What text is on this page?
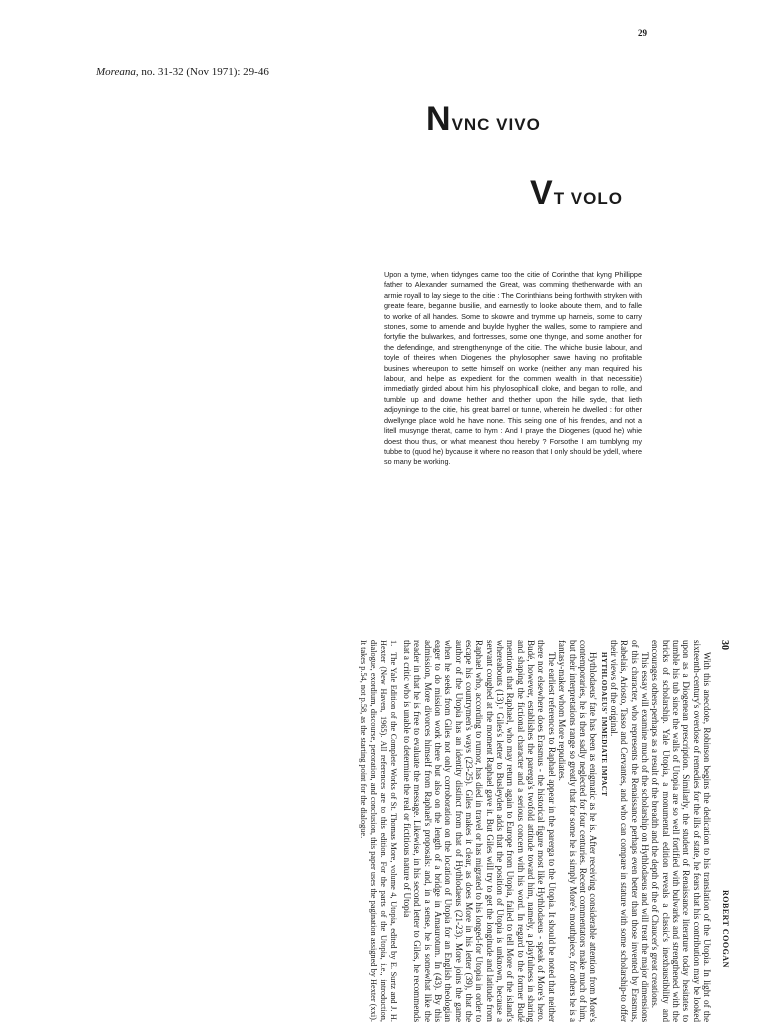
29
Moreana, no. 31-32 (Nov 1971): 29-46
NVNC VIVO
VT VOLO
Upon a tyme, when tidynges came too the citie of Corinthe that kyng Phillippe father to Alexander surnamed the Great, was comming thetherwarde with an armie royall to lay siege to the citie : The Corinthians being forthwith stryken with greate feare, beganne busilie, and earnestly to looke aboute them, and to falle to worke of all handes. Some to skowre and trymme up harneis, some to carry stones, some to amende and buylde hygher the walles, some to rampiere and fortyfie the bulwarkes, and fortresses, some one thynge, and some another for the defendinge, and strengthenynge of the citie. The whiche busie labour, and toyle of theires when Diogenes the phylosopher sawe having no profitable busines whereupon to sette himself on worke (neither any man required his labour, and helpe as expedient for the commen wealth in that necessitie) immediatly girded about him his phylosophicall cloke, and began to rolle, and tumble up and downe hether and thether upon the hille syde, that lieth adjoyninge to the citie, his great barrel or tunne, wherein he dwelled : for other dwellynge place wold he have none. This seing one of his frendes, and not a litell musynge therat, came to hym : And I praye the Diogenes (quod he) whie doest thou thus, or what meanest thou hereby ? Forsothe I am tumblyng my tubbe to (quod he) bycause it where no reason that I only should be ydell, where so many be working.
30
ROBERT COOGAN

With this anecdote, Robinson begins the dedication to his translation of the Utopia. In light of the sixteenth-century's overdose of remedies for the ills of state, he fears that his contribution may be looked upon as a Diogenean prescription. Similarly, the student of Renaissance literature today hesitates to tumble his tub since the walls of Utopia are so well fortified with bulwarks and strengthened with the bricks of scholarship. Yale Utopia, a monumental edition reveals a classic's inexhaustibility and encourages others-perhaps as a result of the breadth and the depth of the of Chaucer's great creations.

This essay will examine much of the scholarship on Hythlodaeus and will treat the major dimensions of this character, who represents the Renaissance perhaps even better than those invented by Erasmus, Rabelais, Ariosto, Tasso and Cervantes, and who can compare in stature with some scholarship-to offer their views of the original.

HYTHLODAEUS' IMMEDIATE IMPACT

Hythlodaeus' fate has been as enigmatic as he is. After receiving considerable attention from More's contemporaries, he is then sadly neglected for four centuries. Recent commentators make much of him, but their interpretations range so greatly that for some he is simply More's mouthpiece, for others he is a fantasy-maker whom More repudiates.

The earliest references to Raphael appear in the parerga to the Utopia. It should be noted that neither there nor elsewhere does Erasmus - the historical figure most like Hythlodaeus - speak of More's hero. Budé, however, establishes the parerga's twofold attitude toward him, namely, a playfulness in sharing and shaping the fictional character and a serious concern with his word. In regard to the former Budé mentions that Raphael, who may return again to Europe from Utopia, failed to tell More of the island's whereabouts (13).¹ Giles's letter to Busleyden adds that the position of Utopia is unknown, because a servant coughed at the moment Raphael gave it. But Giles will try to get the longitude and latitude from Raphael who, according to rumor, has died in travel or has migrated to his longed-for Utopia in order to escape his countrymen's ways (23-25). Giles makes it clear, as does More in his letter (39), that the author of the Utopia has an identity distinct from that of Hythlodaeus (21-23). More joins the game when he seeks from Giles not only corroboration on the location of Utopia for an English theologian eager to do mission work there but also on the length of a bridge in Amaurotum. In (43). By this admission, More divorces himself from Raphael's proposals: and, in a sense, he is somewhat like the reader in that he is free to evaluate the message. Likewise, in his second letter to Giles, he recommends that a critic who is unable to determine the real or fictitious nature of Utopia

1.The Yale Edition of the Complete Works of St. Thomas More, volume 4, Utopia, edited by E. Surtz and J. H. Hexter (New Haven, 1965). All references are to this edition. For the parts of the Utopia, i.e., introduction, dialogue, exordium, discourse, peroration, and conclusion, this paper uses the pagination assigned by Hexter (xxi). It takes p.54, not p.58, as the starting point for the dialogue.
